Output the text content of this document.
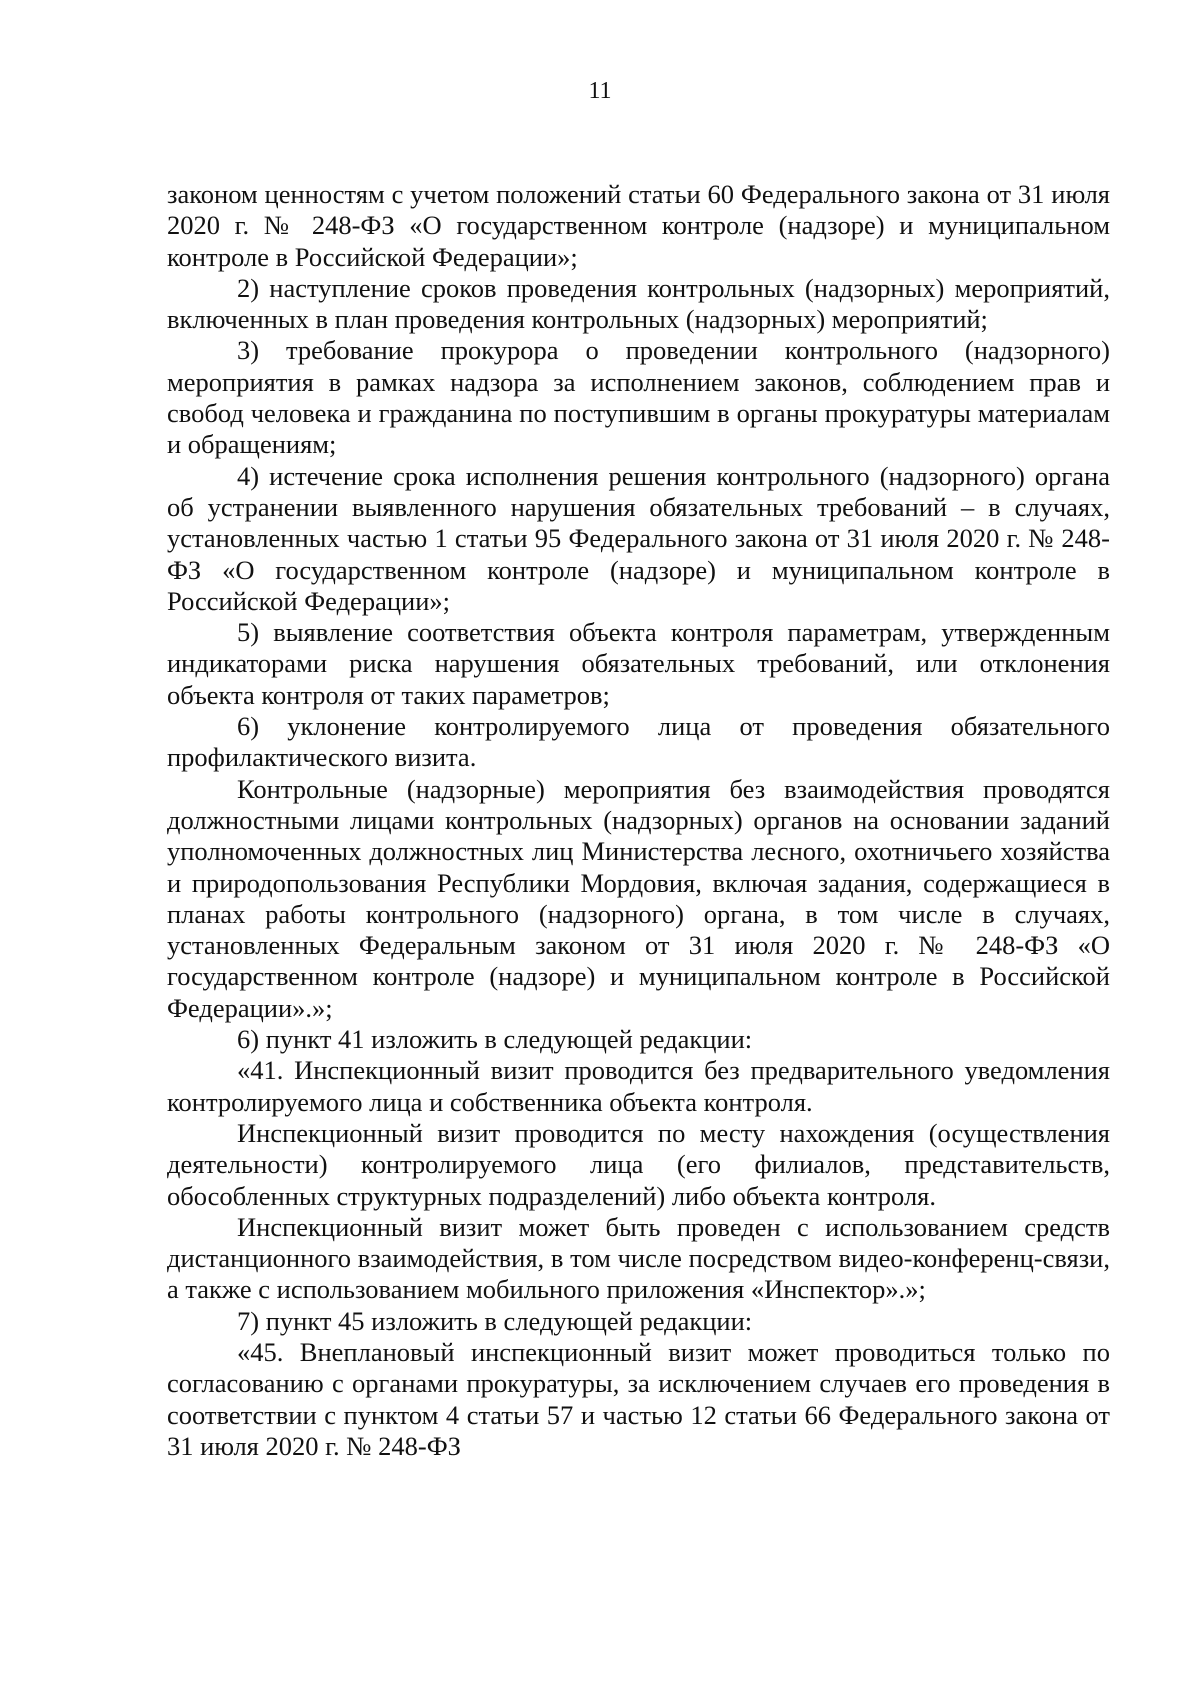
11

законом ценностям с учетом положений статьи 60 Федерального закона от 31 июля 2020 г. № 248-ФЗ «О государственном контроле (надзоре) и муниципальном контроле в Российской Федерации»;

2) наступление сроков проведения контрольных (надзорных) мероприятий, включенных в план проведения контрольных (надзорных) мероприятий;

3) требование прокурора о проведении контрольного (надзорного) мероприятия в рамках надзора за исполнением законов, соблюдением прав и свобод человека и гражданина по поступившим в органы прокуратуры материалам и обращениям;

4) истечение срока исполнения решения контрольного (надзорного) органа об устранении выявленного нарушения обязательных требований – в случаях, установленных частью 1 статьи 95 Федерального закона от 31 июля 2020 г. № 248-ФЗ «О государственном контроле (надзоре) и муниципальном контроле в Российской Федерации»;

5) выявление соответствия объекта контроля параметрам, утвержденным индикаторами риска нарушения обязательных требований, или отклонения объекта контроля от таких параметров;

6) уклонение контролируемого лица от проведения обязательного профилактического визита.

Контрольные (надзорные) мероприятия без взаимодействия проводятся должностными лицами контрольных (надзорных) органов на основании заданий уполномоченных должностных лиц Министерства лесного, охотничьего хозяйства и природопользования Республики Мордовия, включая задания, содержащиеся в планах работы контрольного (надзорного) органа, в том числе в случаях, установленных Федеральным законом от 31 июля 2020 г. № 248-ФЗ «О государственном контроле (надзоре) и муниципальном контроле в Российской Федерации».»;

6) пункт 41 изложить в следующей редакции:

«41. Инспекционный визит проводится без предварительного уведомления контролируемого лица и собственника объекта контроля.

Инспекционный визит проводится по месту нахождения (осуществления деятельности) контролируемого лица (его филиалов, представительств, обособленных структурных подразделений) либо объекта контроля.

Инспекционный визит может быть проведен с использованием средств дистанционного взаимодействия, в том числе посредством видео-конференц-связи, а также с использованием мобильного приложения «Инспектор».»;

7) пункт 45 изложить в следующей редакции:

«45. Внеплановый инспекционный визит может проводиться только по согласованию с органами прокуратуры, за исключением случаев его проведения в соответствии с пунктом 4 статьи 57 и частью 12 статьи 66 Федерального закона от 31 июля 2020 г. № 248-ФЗ
